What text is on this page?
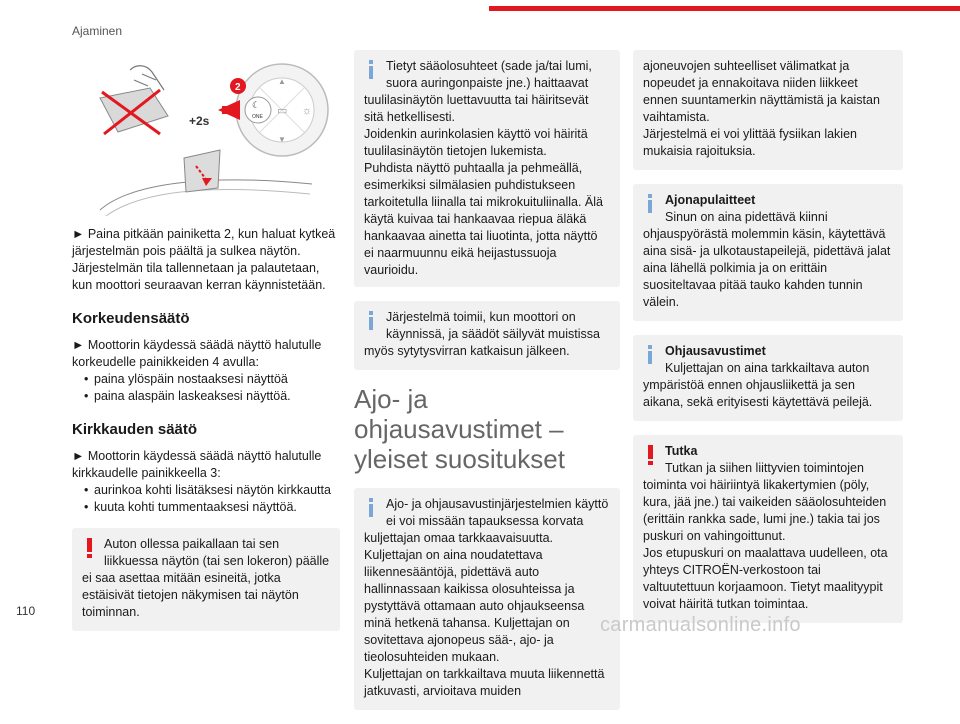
Ajaminen
☾
ONE ▭ ☼
▲
▼
+2s
2

► Paina pitkään painiketta 2, kun haluat kytkeä järjestelmän pois päältä ja sulkea näytön.

Järjestelmän tila tallennetaan ja palautetaan, kun moottori seuraavan kerran käynnistetään.

Korkeudensäätö

► Moottorin käydessä säädä näyttö halutulle korkeudelle painikkeiden 4 avulla:

• paina ylöspäin nostaaksesi näyttöä
• paina alaspäin laskeaksesi näyttöä.
Kirkkauden säätö

► Moottorin käydessä säädä näyttö halutulle kirkkaudelle painikkeella 3:

• aurinkoa kohti lisätäksesi näytön kirkkautta
• kuuta kohti tummentaaksesi näyttöä.
Auton ollessa paikallaan tai sen liikkuessa näytön (tai sen lokeron) päälle
ei saa asettaa mitään esineitä, jotka estäisivät tietojen näkymisen tai näytön toiminnan.
Tietyt sääolosuhteet (sade ja/tai lumi, suora auringonpaiste jne.) haittaavat
tuulilasinäytön luettavuutta tai häiritsevät sitä hetkellisesti.
Joidenkin aurinkolasien käyttö voi häiritä tuulilasinäytön tietojen lukemista.
Puhdista näyttö puhtaalla ja pehmeällä, esimerkiksi silmälasien puhdistukseen tarkoitetulla liinalla tai mikrokuituliinalla. Älä käytä kuivaa tai hankaavaa riepua äläkä hankaavaa ainetta tai liuotinta, jotta näyttö ei naarmuunnu eikä heijastussuoja vaurioidu.
Järjestelmä toimii, kun moottori on käynnissä, ja säädöt säilyvät muistissa
myös sytytysvirran katkaisun jälkeen.
Ajo- ja ohjausavustimet – yleiset suositukset
Ajo- ja ohjausavustinjärjestelmien käyttö ei voi missään tapauksessa korvata
kuljettajan omaa tarkkaavaisuutta.
Kuljettajan on aina noudatettava liikennesääntöjä, pidettävä auto hallinnassaan kaikissa olosuhteissa ja pystyttävä ottamaan auto ohjaukseensa minä hetkenä tahansa. Kuljettajan on sovitettava ajonopeus sää-, ajo- ja tieolosuhteiden mukaan.
Kuljettajan on tarkkailtava muuta liikennettä jatkuvasti, arvioitava muiden
ajoneuvojen suhteelliset välimatkat ja nopeudet ja ennakoitava niiden liikkeet ennen suuntamerkin näyttämistä ja kaistan vaihtamista.
Järjestelmä ei voi ylittää fysiikan lakien mukaisia rajoituksia.
Ajonapulaitteet
Sinun on aina pidettävä kiinni
ohjauspyörästä molemmin käsin, käytettävä aina sisä- ja ulkotaustapeilejä, pidettävä jalat aina lähellä polkimia ja on erittäin suositeltavaa pitää tauko kahden tunnin välein.
Ohjausavustimet
Kuljettajan on aina tarkkailtava auton
ympäristöä ennen ohjausliikettä ja sen aikana, sekä erityisesti käytettävä peilejä.
Tutka
Tutkan ja siihen liittyvien toimintojen
toiminta voi häiriintyä likakertymien (pöly, kura, jää jne.) tai vaikeiden sääolosuhteiden (erittäin rankka sade, lumi jne.) takia tai jos puskuri on vahingoittunut.
Jos etupuskuri on maalattava uudelleen, ota yhteys CITROËN-verkostoon tai valtuutettuun korjaamoon. Tietyt maalityypit voivat häiritä tutkan toimintaa.
110
carmanualsonline.info
